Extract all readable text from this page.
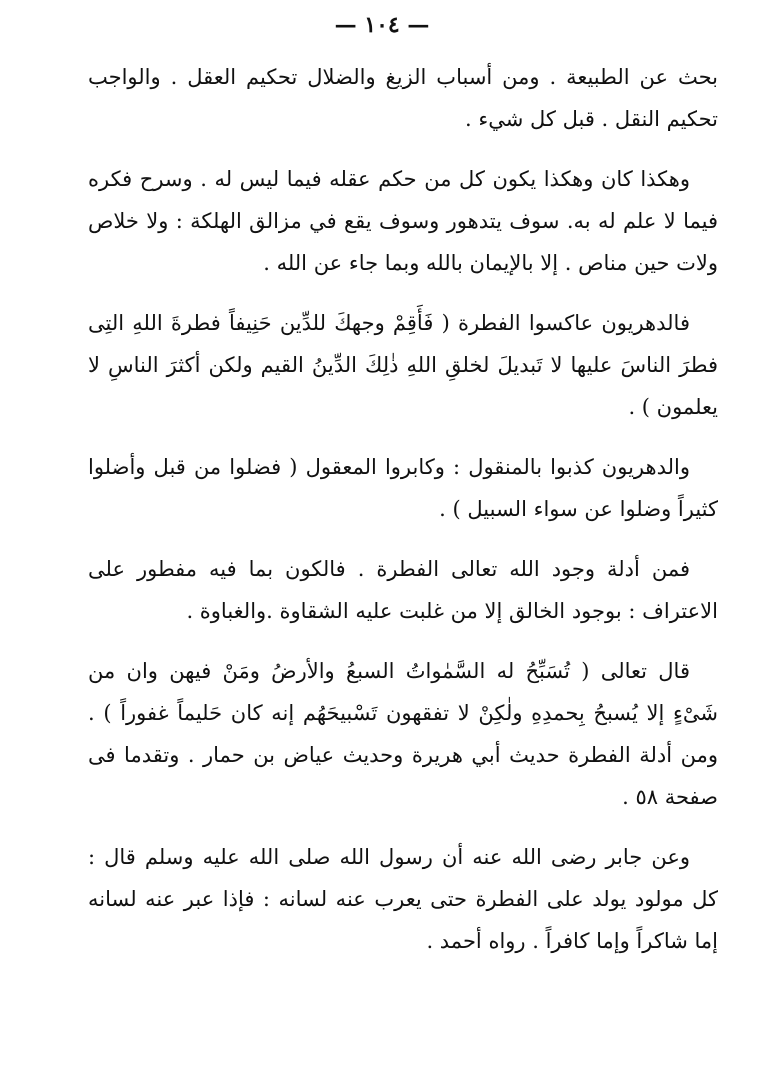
— ١٠٤ —

بحث عن الطبيعة . ومن أسباب الزيغ والضلال تحكيم العقل . والواجب تحكيم النقل . قبل كل شيء .

وهكذا كان وهكذا يكون كل من حكم عقله فيما ليس له . وسرح فكره فيما لا علم له به. سوف يتدهور وسوف يقع في مزالق الهلكة : ولا خلاص ولات حين مناص . إلا بالإيمان بالله وبما جاء عن الله .

فالدهريون عاكسوا الفطرة ( فَأَقِمْ وجهكَ للدِّين حَنِيفاً فطرةَ اللهِ التِى فطرَ الناسَ عليها لا تَبديلَ لخلقِ اللهِ ذٰلِكَ الدِّينُ القيم ولكن أكثرَ الناسِ لا يعلمون ) .

والدهريون كذبوا بالمنقول : وكابروا المعقول ( فضلوا من قبل وأضلوا كثيراً وضلوا عن سواء السبيل ) .

فمن أدلة وجود الله تعالى الفطرة . فالكون بما فيه مفطور على الاعتراف : بوجود الخالق إلا من غلبت عليه الشقاوة .والغباوة .

قال تعالى ( تُسَبِّحُ له السَّمٰواتُ السبعُ والأرضُ ومَنْ فيهن وان من شَىْءٍ إلا يُسبحُ بِحمدِهِ ولٰكِنْ لا تفقهون تَسْبيحَهُم إنه كان حَليماً غفوراً ) . ومن أدلة الفطرة حديث أبي هريرة وحديث عياض بن حمار . وتقدما فى صفحة ٥٨ .

وعن جابر رضى الله عنه أن رسول الله صلى الله عليه وسلم قال : كل مولود يولد على الفطرة حتى يعرب عنه لسانه : فإذا عبر عنه لسانه إما شاكراً وإما كافراً . رواه أحمد .
